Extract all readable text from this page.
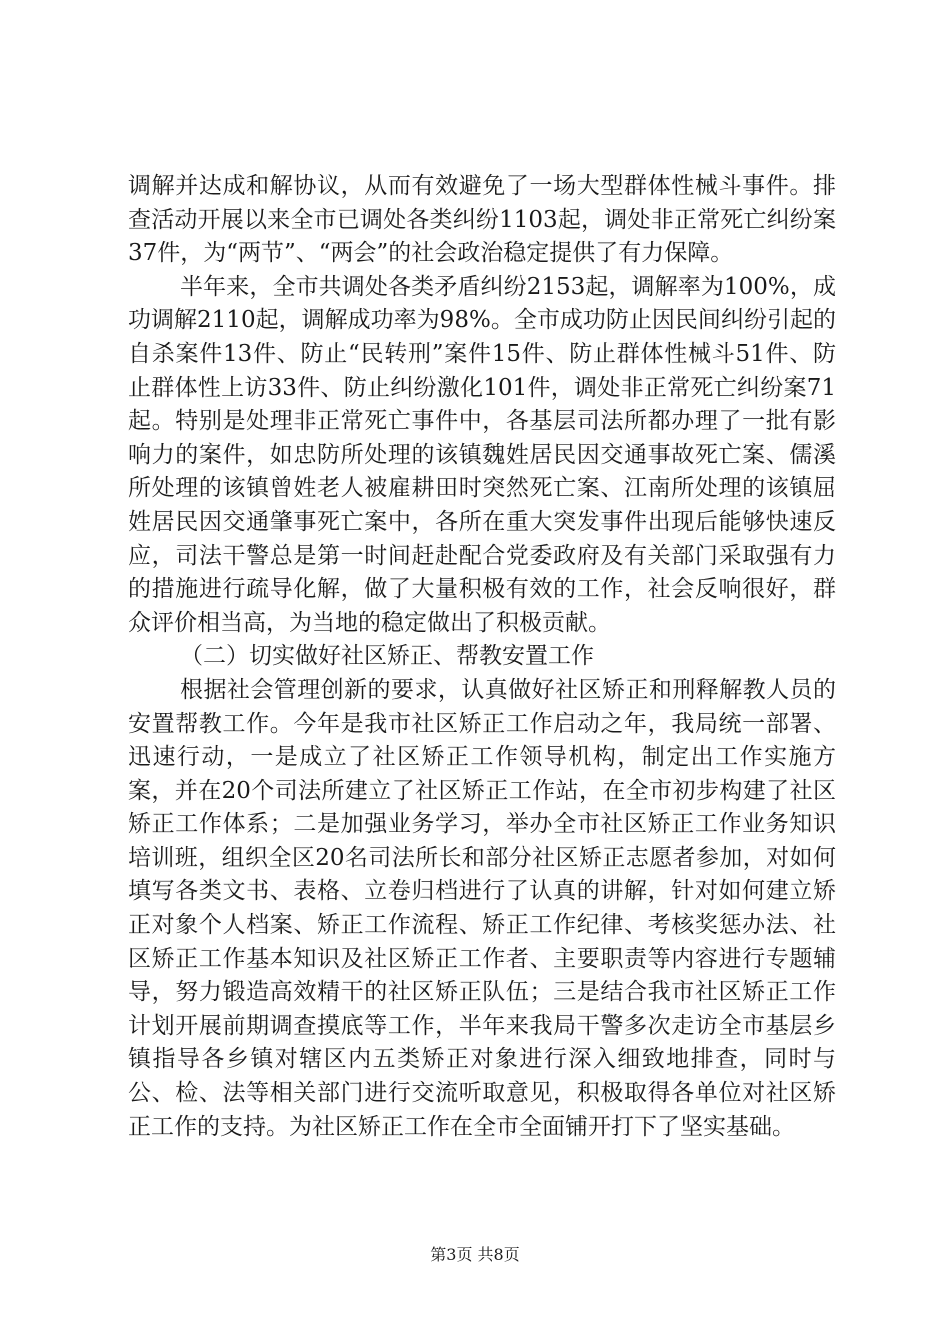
调解并达成和解协议，从而有效避免了一场大型群体性械斗事件。排查活动开展以来全市已调处各类纠纷1103起，调处非正常死亡纠纷案37件，为“两节”、“两会”的社会政治稳定提供了有力保障。

半年来，全市共调处各类矛盾纠纷2153起，调解率为100%，成功调解2110起，调解成功率为98%。全市成功防止因民间纠纷引起的自杀案件13件、防止“民转刑”案件15件、防止群体性械斗51件、防止群体性上访33件、防止纠纷激化101件，调处非正常死亡纠纷案71起。特别是处理非正常死亡事件中，各基层司法所都办理了一批有影响力的案件，如忠防所处理的该镇魏姓居民因交通事故死亡案、儒溪所处理的该镇曾姓老人被雇耕田时突然死亡案、江南所处理的该镇屈姓居民因交通肇事死亡案中，各所在重大突发事件出现后能够快速反应，司法干警总是第一时间赶赴配合党委政府及有关部门采取强有力的措施进行疏导化解，做了大量积极有效的工作，社会反响很好，群众评价相当高，为当地的稳定做出了积极贡献。

（二）切实做好社区矫正、帮教安置工作

根据社会管理创新的要求，认真做好社区矫正和刑释解教人员的安置帮教工作。今年是我市社区矫正工作启动之年，我局统一部署、迅速行动，一是成立了社区矫正工作领导机构，制定出工作实施方案，并在20个司法所建立了社区矫正工作站，在全市初步构建了社区矫正工作体系；二是加强业务学习，举办全市社区矫正工作业务知识培训班，组织全区20名司法所长和部分社区矫正志愿者参加，对如何填写各类文书、表格、立卷归档进行了认真的讲解，针对如何建立矫正对象个人档案、矫正工作流程、矫正工作纪律、考核奖惩办法、社区矫正工作基本知识及社区矫正工作者、主要职责等内容进行专题辅导，努力锻造高效精干的社区矫正队伍；三是结合我市社区矫正工作计划开展前期调查摸底等工作，半年来我局干警多次走访全市基层乡镇指导各乡镇对辖区内五类矫正对象进行深入细致地排查，同时与公、检、法等相关部门进行交流听取意见，积极取得各单位对社区矫正工作的支持。为社区矫正工作在全市全面铺开打下了坚实基础。

第3页 共8页
